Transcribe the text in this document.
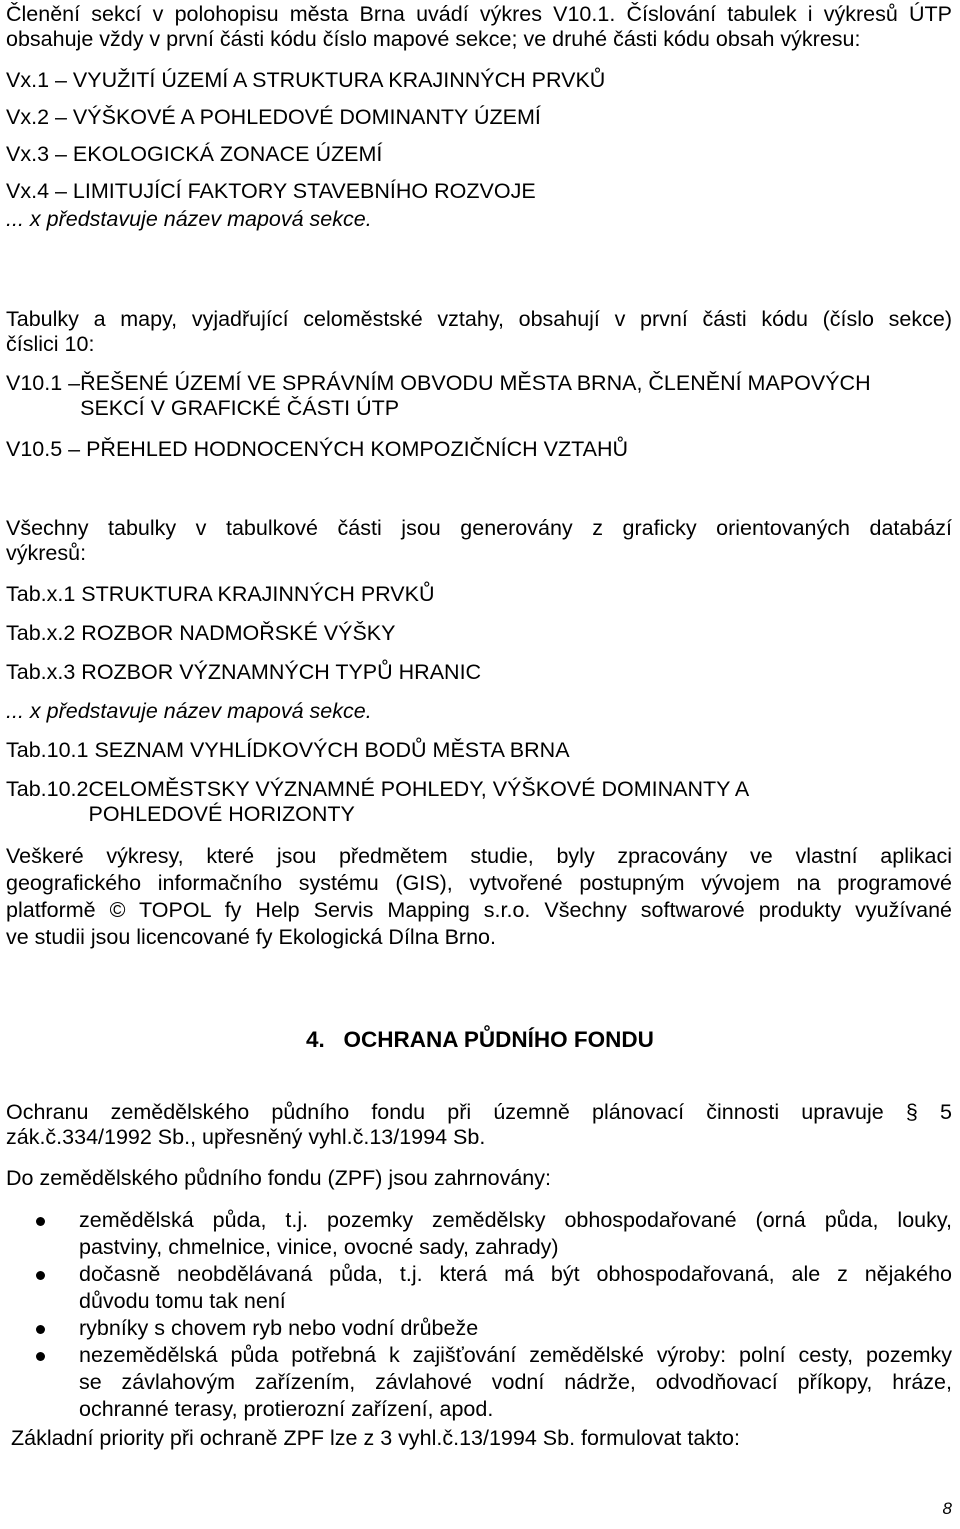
Členění sekcí v polohopisu města Brna uvádí výkres V10.1. Číslování tabulek i výkresů ÚTP

obsahuje vždy v první části kódu číslo mapové sekce; ve druhé části kódu obsah výkresu:

Vx.1 – VYUŽITÍ ÚZEMÍ A STRUKTURA KRAJINNÝCH PRVKŮ

Vx.2 – VÝŠKOVÉ A POHLEDOVÉ DOMINANTY ÚZEMÍ

Vx.3 – EKOLOGICKÁ ZONACE ÚZEMÍ

Vx.4 – LIMITUJÍCÍ FAKTORY STAVEBNÍHO ROZVOJE

... x představuje název mapová sekce.

Tabulky a mapy, vyjadřující celoměstské vztahy, obsahují v první části kódu (číslo sekce)

číslici 10:

V10.1 – ŘEŠENÉ ÚZEMÍ VE SPRÁVNÍM OBVODU MĚSTA BRNA, ČLENĚNÍ MAPOVÝCH

SEKCÍ V GRAFICKÉ ČÁSTI ÚTP

V10.5 – PŘEHLED HODNOCENÝCH KOMPOZIČNÍCH VZTAHŮ

Všechny tabulky v tabulkové části jsou generovány z graficky orientovaných databází

výkresů:

Tab.x.1 STRUKTURA KRAJINNÝCH PRVKŮ

Tab.x.2 ROZBOR NADMOŘSKÉ VÝŠKY

Tab.x.3 ROZBOR VÝZNAMNÝCH TYPŮ HRANIC

... x představuje název mapová sekce.

Tab.10.1 SEZNAM VYHLÍDKOVÝCH BODŮ MĚSTA BRNA

Tab.10.2 CELOMĚSTSKY VÝZNAMNÉ POHLEDY, VÝŠKOVÉ DOMINANTY A

POHLEDOVÉ HORIZONTY

Veškeré výkresy, které jsou předmětem studie, byly zpracovány ve vlastní aplikaci

geografického informačního systému (GIS), vytvořené postupným vývojem na programové

platformě © TOPOL fy Help Servis Mapping s.r.o. Všechny softwarové produkty využívané

ve studii jsou licencované fy Ekologická Dílna Brno.

4.   OCHRANA PŮDNÍHO FONDU

Ochranu zemědělského půdního fondu při územně plánovací činnosti upravuje § 5

zák.č.334/1992 Sb., upřesněný vyhl.č.13/1994 Sb.

Do zemědělského půdního fondu (ZPF) jsou zahrnovány:

zemědělská půda, t.j. pozemky zemědělsky obhospodařované (orná půda, louky,

pastviny, chmelnice, vinice, ovocné sady, zahrady)

dočasně neobdělávaná půda, t.j. která má být obhospodařovaná, ale z nějakého

důvodu tomu tak není

rybníky s chovem ryb nebo vodní drůbeže

nezemědělská půda potřebná k zajišťování zemědělské výroby: polní cesty, pozemky

se závlahovým zařízením, závlahové vodní nádrže, odvodňovací příkopy, hráze,

ochranné terasy, protierozní zařízení, apod.

Základní priority při ochraně ZPF lze z 3 vyhl.č.13/1994 Sb. formulovat takto:

8
